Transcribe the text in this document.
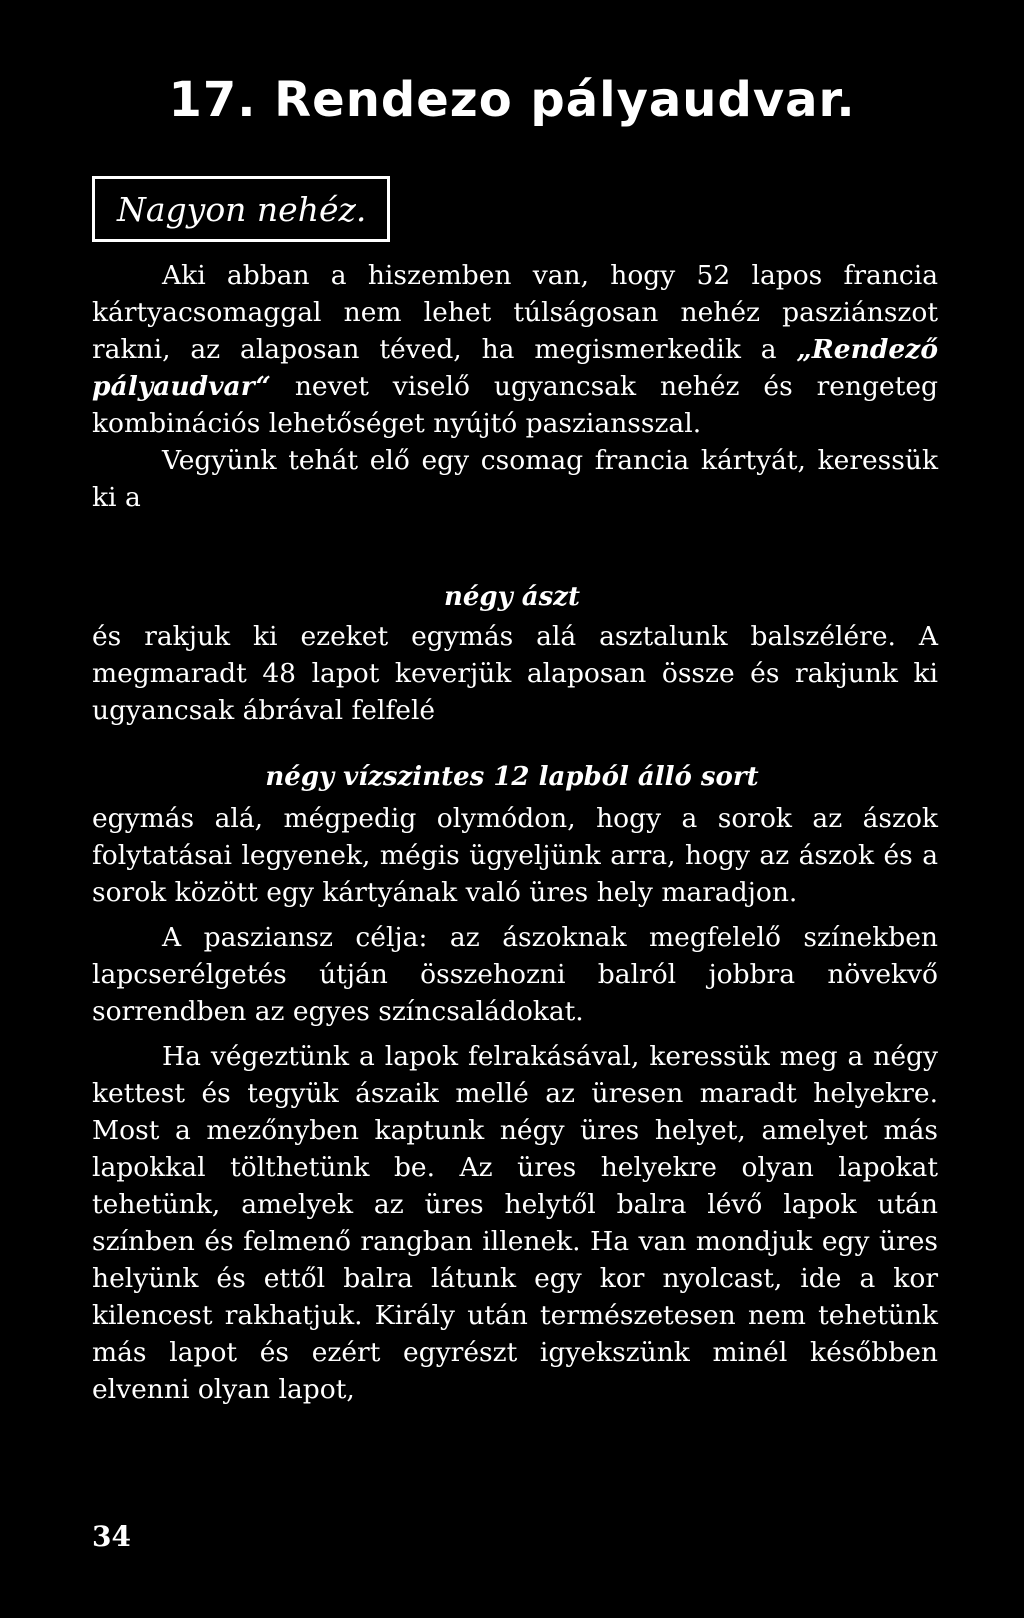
17. Rendezo pályaudvar.
Nagyon nehéz.

Aki abban a hiszemben van, hogy 52 lapos francia kártyacsomaggal nem lehet túlságosan nehéz pasziánszot rakni, az alaposan téved, ha megismerkedik a „Rendező pályaudvar“ nevet viselő ugyancsak nehéz és rengeteg kombinációs lehetőséget nyújtó pasziansszal.

Vegyünk tehát elő egy csomag francia kártyát, keressük ki a

négy ászt

és rakjuk ki ezeket egymás alá asztalunk balszélére. A megmaradt 48 lapot keverjük alaposan össze és rakjunk ki ugyancsak ábrával felfelé

négy vízszintes 12 lapból álló sort

egymás alá, mégpedig olymódon, hogy a sorok az ászok folytatásai legyenek, mégis ügyeljünk arra, hogy az ászok és a sorok között egy kártyának való üres hely maradjon.

A pasziansz célja: az ászoknak megfelelő színekben lapcserélgetés útján összehozni balról jobbra növekvő sorrendben az egyes színcsaládokat.

Ha végeztünk a lapok felrakásával, keressük meg a négy kettest és tegyük ászaik mellé az üresen maradt helyekre. Most a mezőnyben kaptunk négy üres helyet, amelyet más lapokkal tölthetünk be. Az üres helyekre olyan lapokat tehetünk, amelyek az üres helytől balra lévő lapok után színben és felmenő rangban illenek. Ha van mondjuk egy üres helyünk és ettől balra látunk egy kor nyolcast, ide a kor kilencest rakhatjuk. Király után természetesen nem tehetünk más lapot és ezért egyrészt igyekszünk minél későbben elvenni olyan lapot,

34
